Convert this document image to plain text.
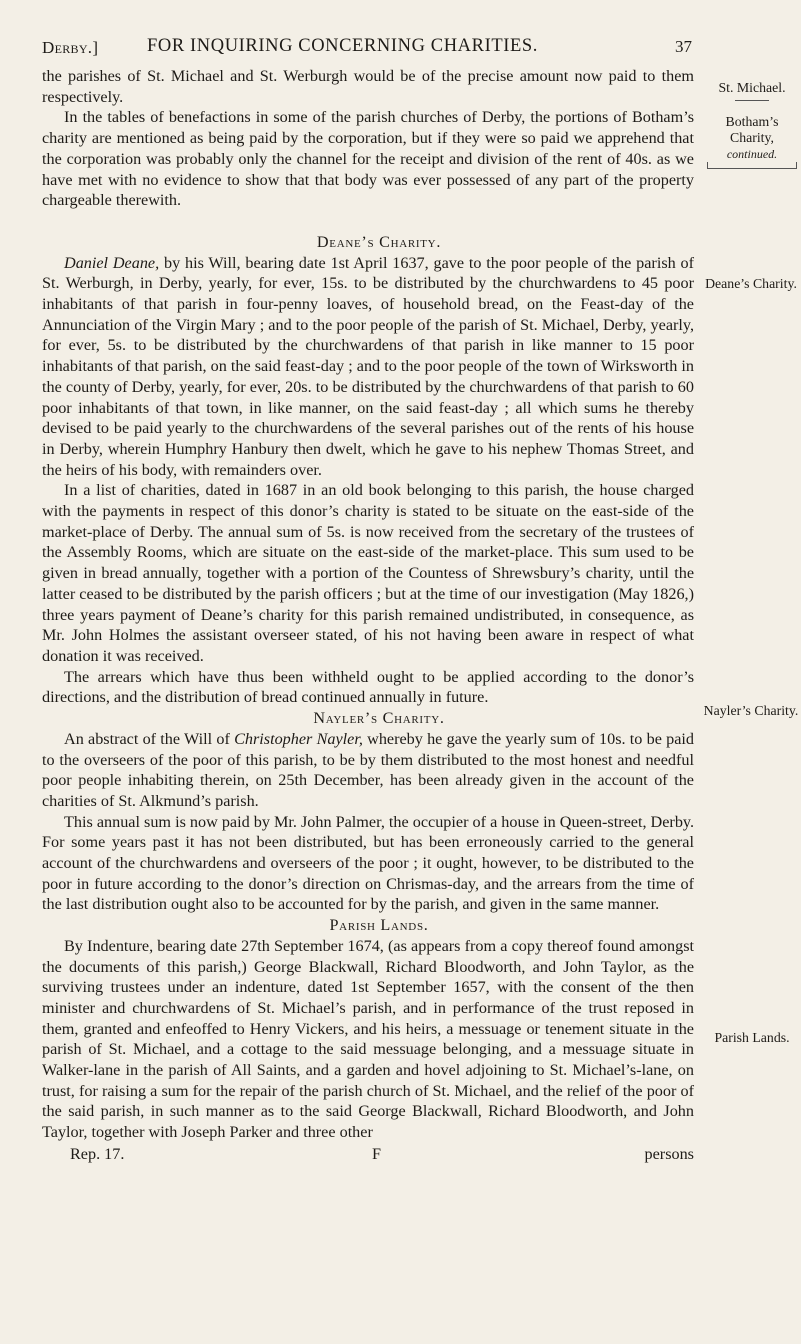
Derby.]	FOR INQUIRING CONCERNING CHARITIES.	37

the parishes of St. Michael and St. Werburgh would be of the precise amount now paid to them respectively.

In the tables of benefactions in some of the parish churches of Derby, the portions of Botham’s charity are mentioned as being paid by the corporation, but if they were so paid we apprehend that the corporation was probably only the channel for the receipt and division of the rent of 40s. as we have met with no evidence to show that that body was ever possessed of any part of the property chargeable therewith.

Deane’s Charity.

Daniel Deane, by his Will, bearing date 1st April 1637, gave to the poor people of the parish of St. Werburgh, in Derby, yearly, for ever, 15s. to be distributed by the churchwardens to 45 poor inhabitants of that parish in four-penny loaves, of household bread, on the Feast-day of the Annunciation of the Virgin Mary ; and to the poor people of the parish of St. Michael, Derby, yearly, for ever, 5s. to be distributed by the churchwardens of that parish in like manner to 15 poor inhabitants of that parish, on the said feast-day ; and to the poor people of the town of Wirksworth in the county of Derby, yearly, for ever, 20s. to be distributed by the churchwardens of that parish to 60 poor inhabitants of that town, in like manner, on the said feast-day ; all which sums he thereby devised to be paid yearly to the churchwardens of the several parishes out of the rents of his house in Derby, wherein Humphry Hanbury then dwelt, which he gave to his nephew Thomas Street, and the heirs of his body, with remainders over.

In a list of charities, dated in 1687 in an old book belonging to this parish, the house charged with the payments in respect of this donor’s charity is stated to be situate on the east-side of the market-place of Derby. The annual sum of 5s. is now received from the secretary of the trustees of the Assembly Rooms, which are situate on the east-side of the market-place. This sum used to be given in bread annually, together with a portion of the Countess of Shrewsbury’s charity, until the latter ceased to be distributed by the parish officers ; but at the time of our investigation (May 1826,) three years payment of Deane’s charity for this parish remained undistributed, in consequence, as Mr. John Holmes the assistant overseer stated, of his not having been aware in respect of what donation it was received.

The arrears which have thus been withheld ought to be applied according to the donor’s directions, and the distribution of bread continued annually in future.

Nayler’s Charity.

An abstract of the Will of Christopher Nayler, whereby he gave the yearly sum of 10s. to be paid to the overseers of the poor of this parish, to be by them distributed to the most honest and needful poor people inhabiting therein, on 25th December, has been already given in the account of the charities of St. Alkmund’s parish.

This annual sum is now paid by Mr. John Palmer, the occupier of a house in Queen-street, Derby. For some years past it has not been distributed, but has been erroneously carried to the general account of the churchwardens and overseers of the poor ; it ought, however, to be distributed to the poor in future according to the donor’s direction on Chrismas-day, and the arrears from the time of the last distribution ought also to be accounted for by the parish, and given in the same manner.

Parish Lands.

By Indenture, bearing date 27th September 1674, (as appears from a copy thereof found amongst the documents of this parish,) George Blackwall, Richard Bloodworth, and John Taylor, as the surviving trustees under an indenture, dated 1st September 1657, with the consent of the then minister and churchwardens of St. Michael’s parish, and in performance of the trust reposed in them, granted and enfeoffed to Henry Vickers, and his heirs, a messuage or tenement situate in the parish of St. Michael, and a cottage to the said messuage belonging, and a messuage situate in Walker-lane in the parish of All Saints, and a garden and hovel adjoining to St. Michael’s-lane, on trust, for raising a sum for the repair of the parish church of St. Michael, and the relief of the poor of the said parish, in such manner as to the said George Blackwall, Richard Bloodworth, and John Taylor, together with Joseph Parker and three other

Rep. 17.	F	persons

St. Michael.
Botham’s Charity,
continued.
Deane’s Charity.
Nayler’s Charity.
Parish Lands.
